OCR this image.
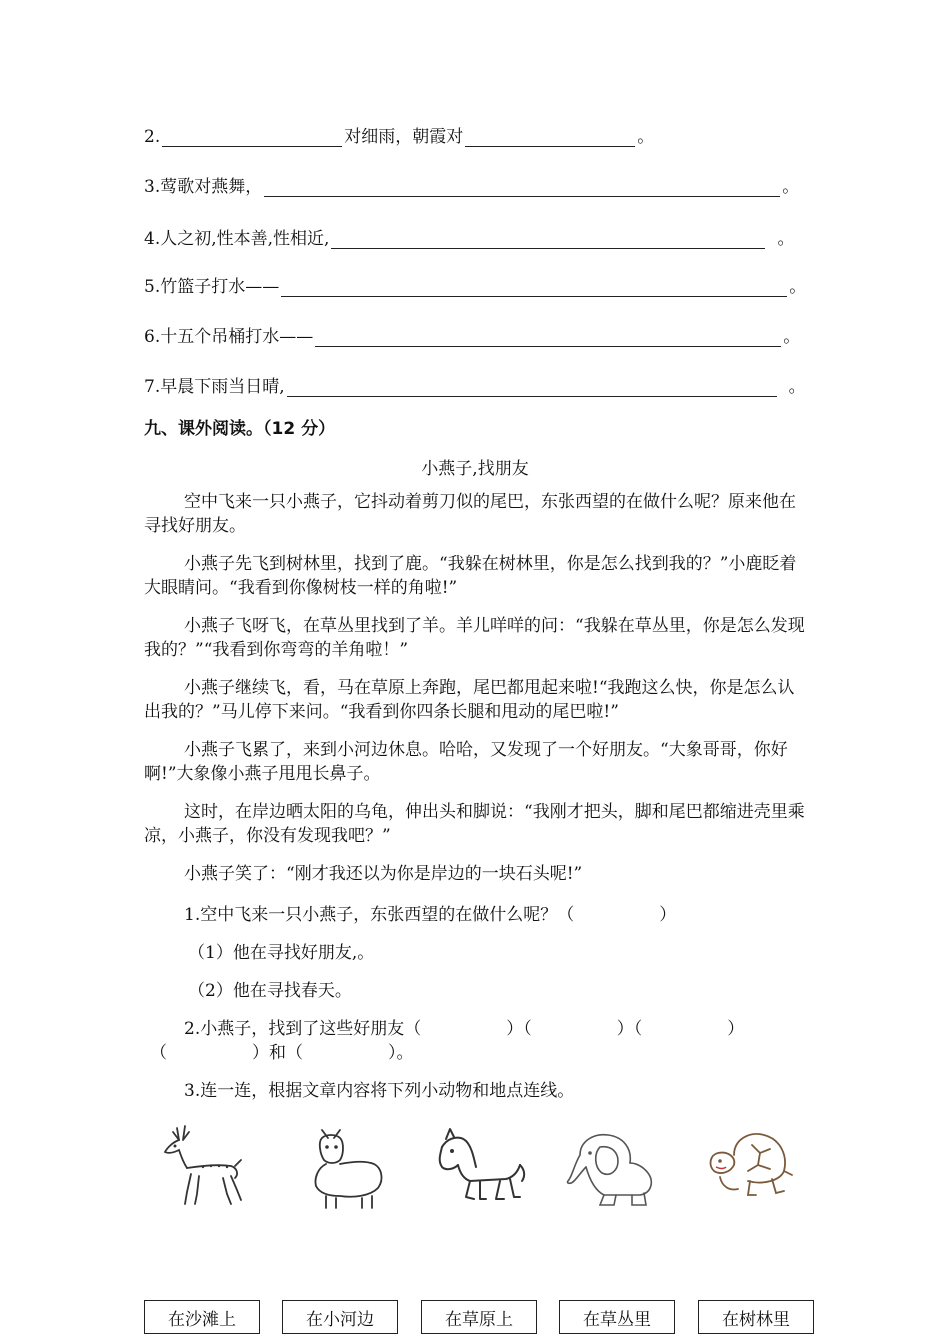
2.	对细雨，朝霞对	。
3.莺歌对燕舞，	。
4.人之初,性本善,性相近,	。
5.竹篮子打水——	。
6.十五个吊桶打水——	。
7.早晨下雨当日晴,	。
九、课外阅读。（12 分）
小燕子,找朋友
空中飞来一只小燕子，它抖动着剪刀似的尾巴，东张西望的在做什么呢？原来他在寻找好朋友。
小燕子先飞到树林里，找到了鹿。“我躲在树林里，你是怎么找到我的？”小鹿眨着大眼睛问。“我看到你像树枝一样的角啦!”
小燕子飞呀飞，在草丛里找到了羊。羊儿咩咩的问：“我躲在草丛里，你是怎么发现我的？”“我看到你弯弯的羊角啦！”
小燕子继续飞，看，马在草原上奔跑，尾巴都甩起来啦!“我跑这么快，你是怎么认出我的？”马儿停下来问。“我看到你四条长腿和甩动的尾巴啦!”
小燕子飞累了，来到小河边休息。哈哈，又发现了一个好朋友。“大象哥哥，你好啊!”大象像小燕子甩甩长鼻子。
这时，在岸边晒太阳的乌龟，伸出头和脚说：“我刚才把头，脚和尾巴都缩进壳里乘凉，小燕子，你没有发现我吧？”
小燕子笑了：“刚才我还以为你是岸边的一块石头呢!”
1.空中飞来一只小燕子，东张西望的在做什么呢？（　　　　　）
（1）他在寻找好朋友,。
（2）他在寻找春天。
2.小燕子，找到了这些好朋友（　　　　　）（　　　　　）（　　　　　）
（　　　　　）和（　　　　　）。
3.连一连，根据文章内容将下列小动物和地点连线。
在沙滩上	在小河边	在草原上	在草丛里	在树林里
